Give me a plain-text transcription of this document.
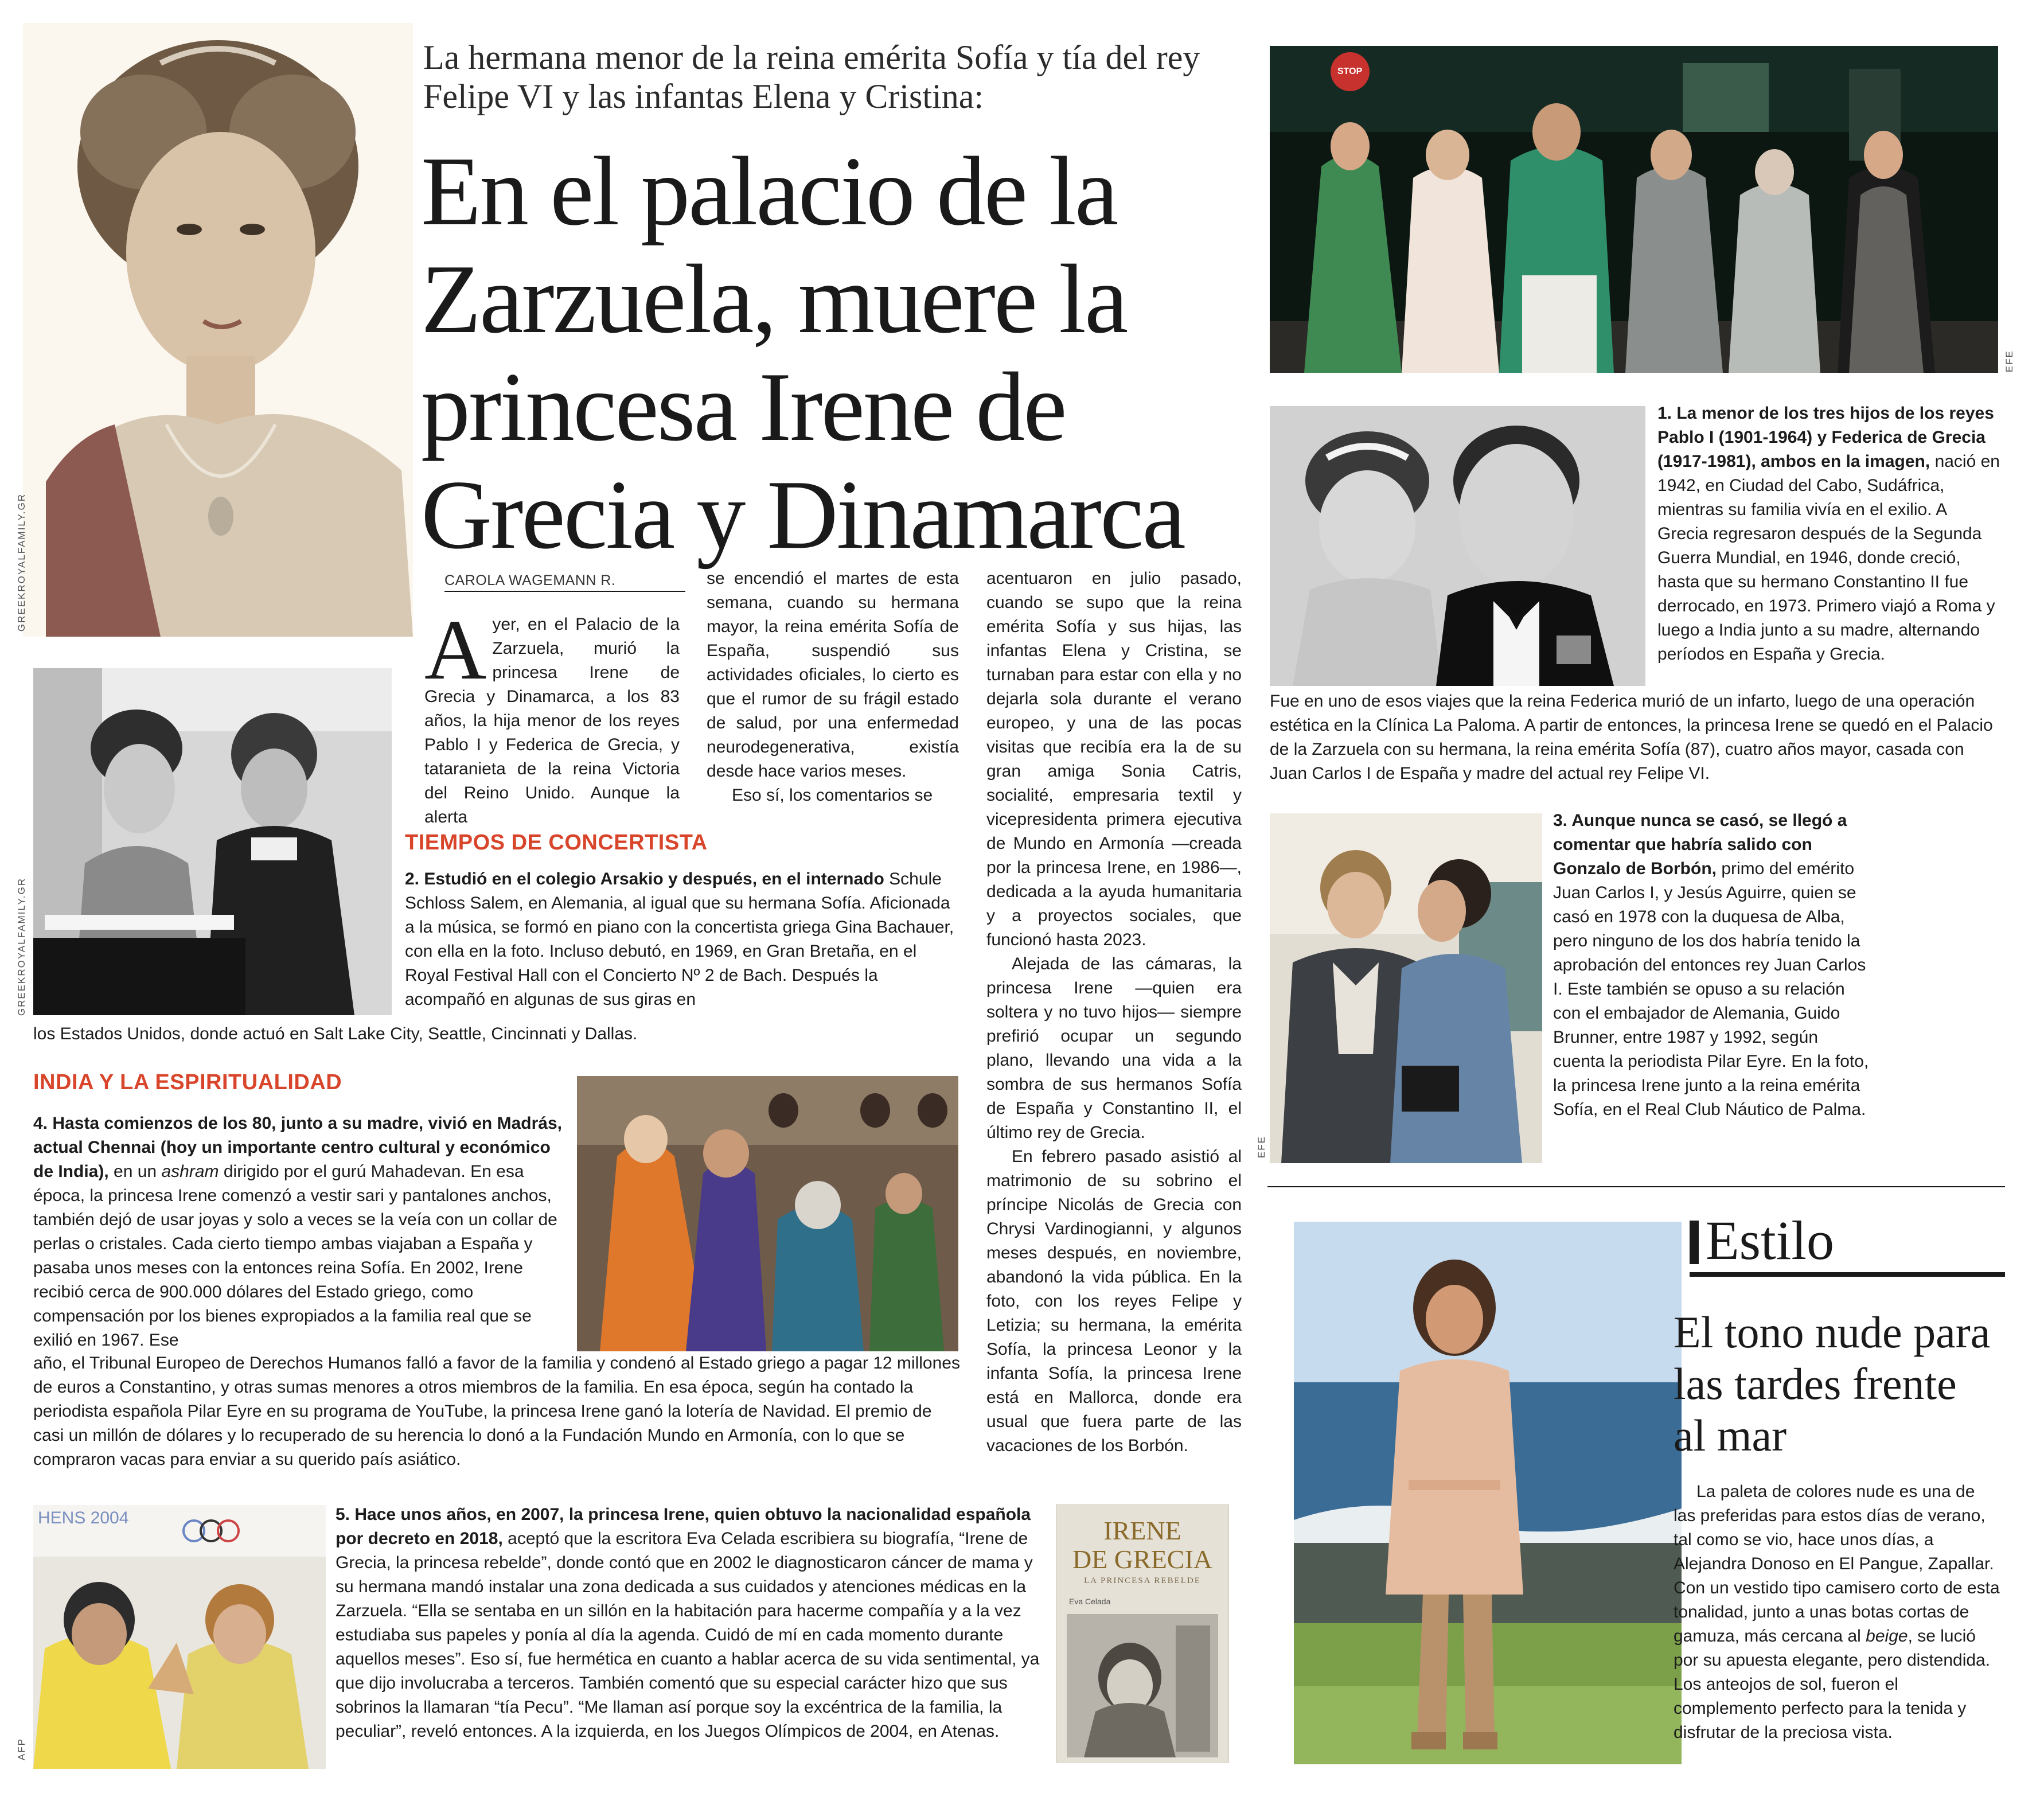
La hermana menor de la reina emérita Sofía y tía del rey Felipe VI y las infantas Elena y Cristina:
En el palacio de la Zarzuela, muere la princesa Irene de Grecia y Dinamarca
GREEKROYALFAMILY.GR	CAROLA WAGEMANN R.
Ayer, en el Palacio de la Zarzuela, murió la princesa Irene de Grecia y Dinamarca, a los 83 años, la hija menor de los reyes Pablo I y Federica de Grecia, y tataranieta de la reina Victoria del Reino Unido. Aunque la alerta

se encendió el martes de esta semana, cuando su hermana mayor, la reina emérita Sofía de España, suspendió sus actividades oficiales, lo cierto es que el rumor de su frágil estado de salud, por una enfermedad neurodegenerativa, existía desde hace varios meses.

Eso sí, los comentarios se

acentuaron en julio pasado, cuando se supo que la reina emérita Sofía y sus hijas, las infantas Elena y Cristina, se turnaban para estar con ella y no dejarla sola durante el verano europeo, y una de las pocas visitas que recibía era la de su gran amiga Sonia Catris, socialité, empresaria textil y vicepresidenta primera ejecutiva de Mundo en Armonía —creada por la princesa Irene, en 1986—, dedicada a la ayuda humanitaria y a proyectos sociales, que funcionó hasta 2023.

Alejada de las cámaras, la princesa Irene —quien era soltera y no tuvo hijos— siempre prefirió ocupar un segundo plano, llevando una vida a la sombra de sus hermanos Sofía de España y Constantino II, el último rey de Grecia.

En febrero pasado asistió al matrimonio de su sobrino el príncipe Nicolás de Grecia con Chrysi Vardinogianni, y algunos meses después, en noviembre, abandonó la vida pública. En la foto, con los reyes Felipe y Letizia; su hermana, la emérita Sofía, la princesa Leonor y la infanta Sofía, la princesa Irene está en Mallorca, donde era usual que fuera parte de las vacaciones de los Borbón.

GREEKROYALFAMILY.GR
TIEMPOS DE CONCERTISTA
2. Estudió en el colegio Arsakio y después, en el internado Schule Schloss Salem, en Alemania, al igual que su hermana Sofía. Aficionada a la música, se formó en piano con la concertista griega Gina Bachauer, con ella en la foto. Incluso debutó, en 1969, en Gran Bretaña, en el Royal Festival Hall con el Concierto Nº 2 de Bach. Después la acompañó en algunas de sus giras en
los Estados Unidos, donde actuó en Salt Lake City, Seattle, Cincinnati y Dallas.
INDIA Y LA ESPIRITUALIDAD
4. Hasta comienzos de los 80, junto a su madre, vivió en Madrás, actual Chennai (hoy un importante centro cultural y económico de India), en un ashram dirigido por el gurú Mahadevan. En esa época, la princesa Irene comenzó a vestir sari y pantalones anchos, también dejó de usar joyas y solo a veces se la veía con un collar de perlas o cristales. Cada cierto tiempo ambas viajaban a España y pasaba unos meses con la entonces reina Sofía. En 2002, Irene recibió cerca de 900.000 dólares del Estado griego, como compensación por los bienes expropiados a la familia real que se exilió en 1967. Ese
año, el Tribunal Europeo de Derechos Humanos falló a favor de la familia y condenó al Estado griego a pagar 12 millones de euros a Constantino, y otras sumas menores a otros miembros de la familia. En esa época, según ha contado la periodista española Pilar Eyre en su programa de YouTube, la princesa Irene ganó la lotería de Navidad. El premio de casi un millón de dólares y lo recuperado de su herencia lo donó a la Fundación Mundo en Armonía, con lo que se compraron vacas para enviar a su querido país asiático.
HENS 2004
AFP
5. Hace unos años, en 2007, la princesa Irene, quien obtuvo la nacionalidad española por decreto en 2018, aceptó que la escritora Eva Celada escribiera su biografía, “Irene de Grecia, la princesa rebelde”, donde contó que en 2002 le diagnosticaron cáncer de mama y su hermana mandó instalar una zona dedicada a sus cuidados y atenciones médicas en la Zarzuela. “Ella se sentaba en un sillón en la habitación para hacerme compañía y a la vez estudiaba sus papeles y ponía al día la agenda. Cuidó de mí en cada momento durante aquellos meses”. Eso sí, fue hermética en cuanto a hablar acerca de su vida sentimental, ya que dijo involucraba a terceros. También comentó que su especial carácter hizo que sus sobrinos la llamaran “tía Pecu”. “Me llaman así porque soy la excéntrica de la familia, la peculiar”, reveló entonces. A la izquierda, en los Juegos Olímpicos de 2004, en Atenas.
IRENE
DE GRECIA
LA PRINCESA REBELDE
Eva Celada
STOP
EFE
1. La menor de los tres hijos de los reyes Pablo I (1901-1964) y Federica de Grecia (1917-1981), ambos en la imagen, nació en 1942, en Ciudad del Cabo, Sudáfrica, mientras su familia vivía en el exilio. A Grecia regresaron después de la Segunda Guerra Mundial, en 1946, donde creció, hasta que su hermano Constantino II fue derrocado, en 1973. Primero viajó a Roma y luego a India junto a su madre, alternando períodos en España y Grecia.
Fue en uno de esos viajes que la reina Federica murió de un infarto, luego de una operación estética en la Clínica La Paloma. A partir de entonces, la princesa Irene se quedó en el Palacio de la Zarzuela con su hermana, la reina emérita Sofía (87), cuatro años mayor, casada con Juan Carlos I de España y madre del actual rey Felipe VI.
EFE
3. Aunque nunca se casó, se llegó a comentar que habría salido con Gonzalo de Borbón, primo del emérito Juan Carlos I, y Jesús Aguirre, quien se casó en 1978 con la duquesa de Alba, pero ninguno de los dos habría tenido la aprobación del entonces rey Juan Carlos I. Este también se opuso a su relación con el embajador de Alemania, Guido Brunner, entre 1987 y 1992, según cuenta la periodista Pilar Eyre. En la foto, la princesa Irene junto a la reina emérita Sofía, en el Real Club Náutico de Palma.
Estilo
El tono nude para las tardes frente al mar
La paleta de colores nude es una de las preferidas para estos días de verano, tal como se vio, hace unos días, a Alejandra Donoso en El Pangue, Zapallar. Con un vestido tipo camisero corto de esta tonalidad, junto a unas botas cortas de gamuza, más cercana al beige, se lució por su apuesta elegante, pero distendida. Los anteojos de sol, fueron el complemento perfecto para la tenida y disfrutar de la preciosa vista.
